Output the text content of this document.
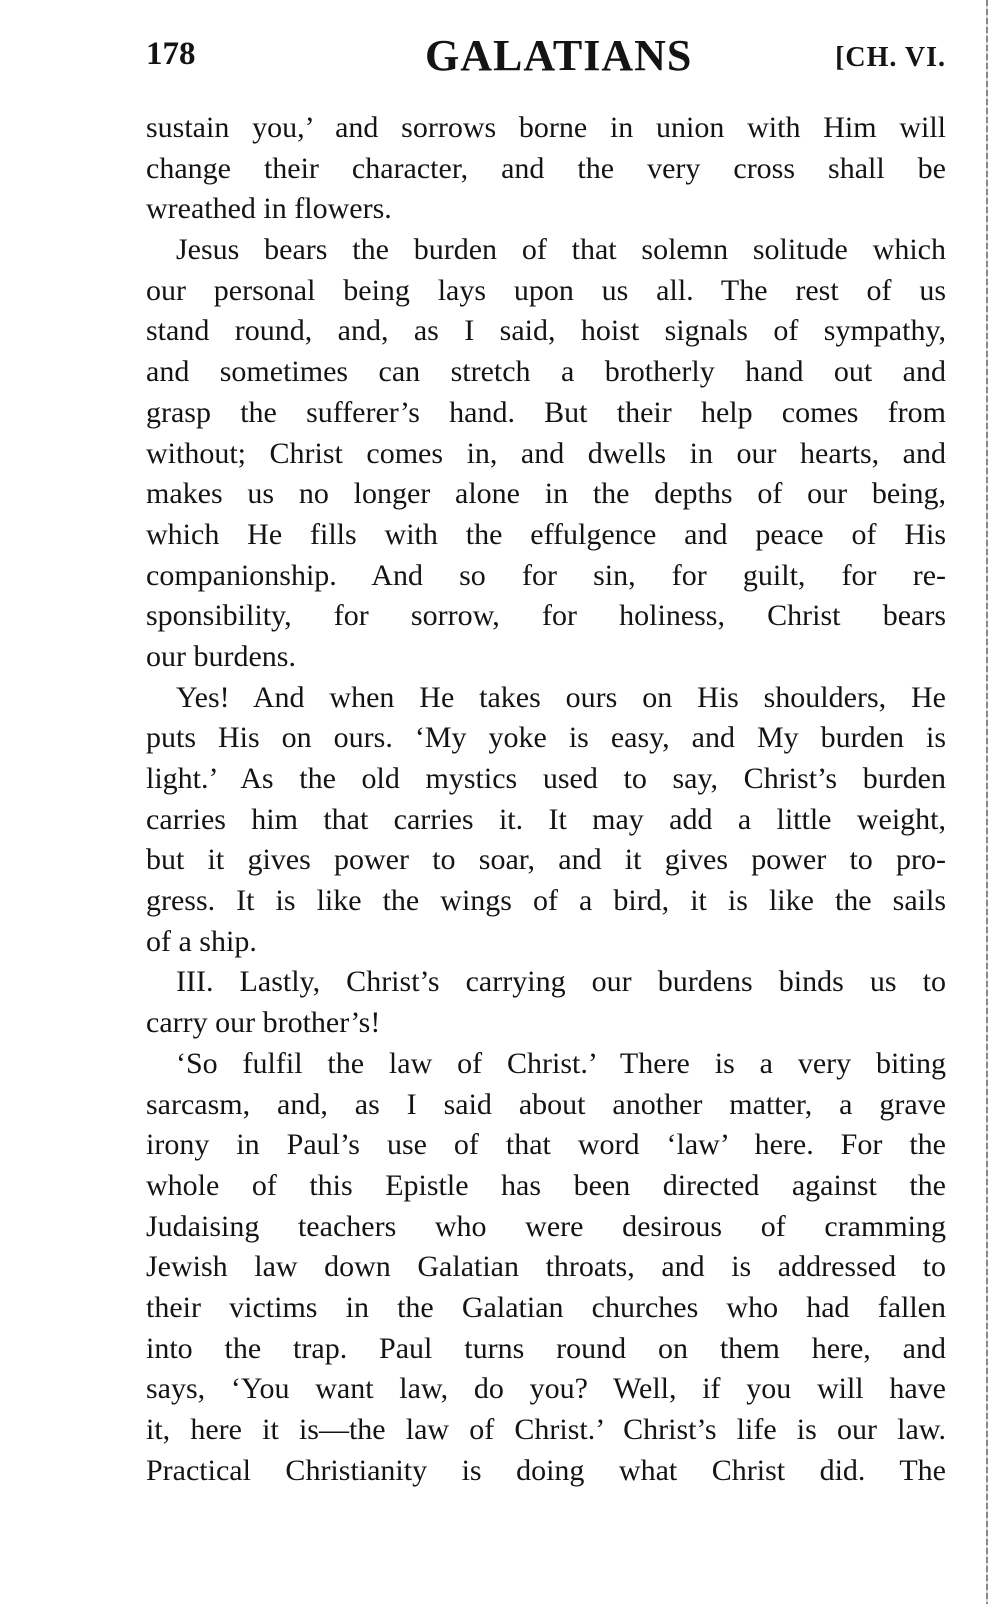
178	GALATIANS	[CH. VI.
sustain you,’ and sorrows borne in union with Him will
change their character, and the very cross shall be
wreathed in flowers.
Jesus bears the burden of that solemn solitude which
our personal being lays upon us all. The rest of us
stand round, and, as I said, hoist signals of sympathy,
and sometimes can stretch a brotherly hand out and
grasp the sufferer’s hand. But their help comes from
without; Christ comes in, and dwells in our hearts, and
makes us no longer alone in the depths of our being,
which He fills with the effulgence and peace of His
companionship. And so for sin, for guilt, for re-
sponsibility, for sorrow, for holiness, Christ bears
our burdens.
Yes! And when He takes ours on His shoulders, He
puts His on ours. ‘My yoke is easy, and My burden is
light.’ As the old mystics used to say, Christ’s burden
carries him that carries it. It may add a little weight,
but it gives power to soar, and it gives power to pro-
gress. It is like the wings of a bird, it is like the sails
of a ship.
III. Lastly, Christ’s carrying our burdens binds us to
carry our brother’s!
‘So fulfil the law of Christ.’ There is a very biting
sarcasm, and, as I said about another matter, a grave
irony in Paul’s use of that word ‘law’ here. For the
whole of this Epistle has been directed against the
Judaising teachers who were desirous of cramming
Jewish law down Galatian throats, and is addressed to
their victims in the Galatian churches who had fallen
into the trap. Paul turns round on them here, and
says, ‘You want law, do you? Well, if you will have
it, here it is—the law of Christ.’ Christ’s life is our law.
Practical Christianity is doing what Christ did. The
